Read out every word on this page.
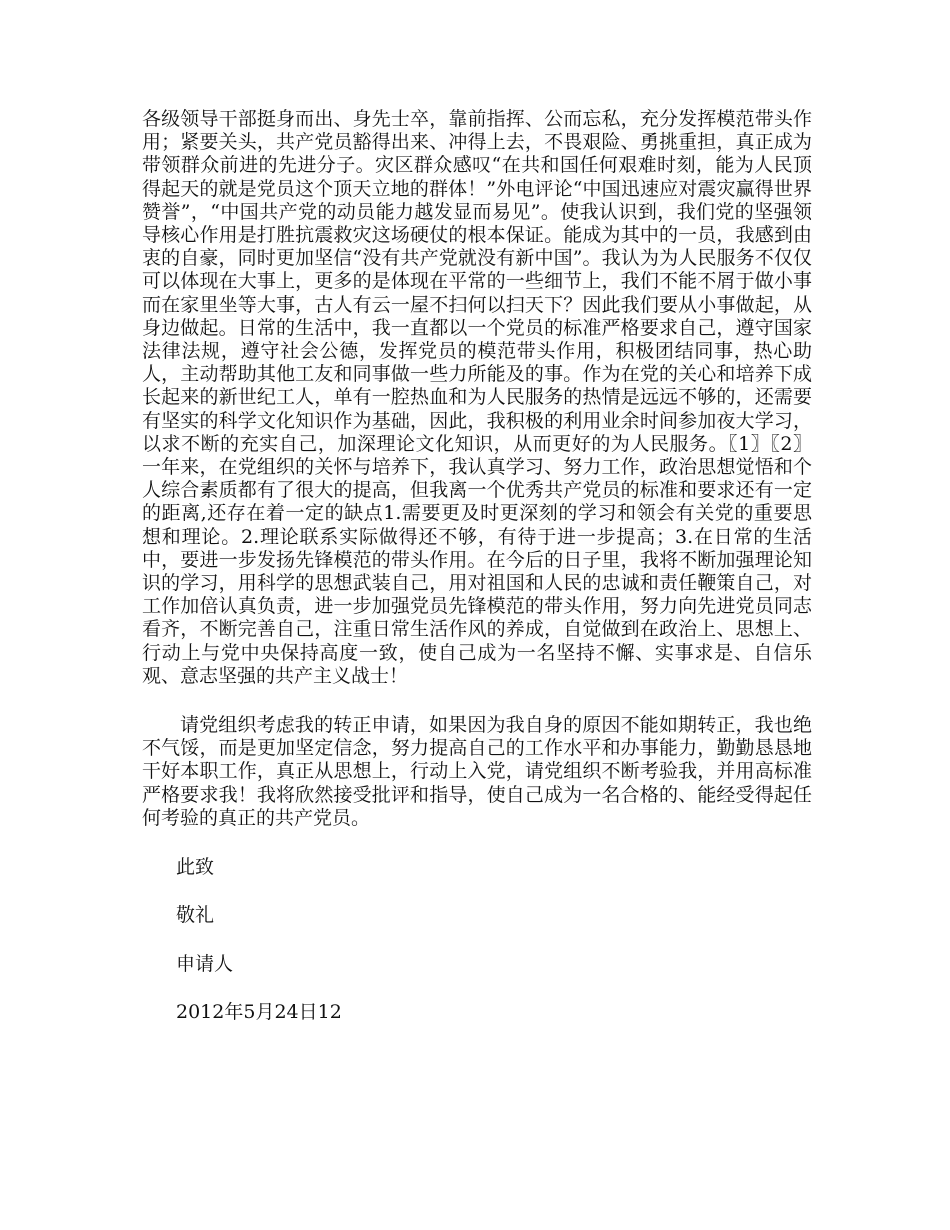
各级领导干部挺身而出、身先士卒，靠前指挥、公而忘私，充分发挥模范带头作用；紧要关头，共产党员豁得出来、冲得上去，不畏艰险、勇挑重担，真正成为带领群众前进的先进分子。灾区群众感叹“在共和国任何艰难时刻，能为人民顶得起天的就是党员这个顶天立地的群体！”外电评论“中国迅速应对震灾赢得世界赞誉”，“中国共产党的动员能力越发显而易见”。使我认识到，我们党的坚强领导核心作用是打胜抗震救灾这场硬仗的根本保证。能成为其中的一员，我感到由衷的自豪，同时更加坚信“没有共产党就没有新中国”。我认为为人民服务不仅仅可以体现在大事上，更多的是体现在平常的一些细节上，我们不能不屑于做小事而在家里坐等大事，古人有云一屋不扫何以扫天下？因此我们要从小事做起，从身边做起。日常的生活中，我一直都以一个党员的标准严格要求自己，遵守国家法律法规，遵守社会公德，发挥党员的模范带头作用，积极团结同事，热心助人，主动帮助其他工友和同事做一些力所能及的事。作为在党的关心和培养下成长起来的新世纪工人，单有一腔热血和为人民服务的热情是远远不够的，还需要有坚实的科学文化知识作为基础，因此，我积极的利用业余时间参加夜大学习，以求不断的充实自己，加深理论文化知识，从而更好的为人民服务。〖1〗〖2〗一年来，在党组织的关怀与培养下，我认真学习、努力工作，政治思想觉悟和个人综合素质都有了很大的提高，但我离一个优秀共产党员的标准和要求还有一定的距离,还存在着一定的缺点1.需要更及时更深刻的学习和领会有关党的重要思想和理论。2.理论联系实际做得还不够，有待于进一步提高；3.在日常的生活中，要进一步发扬先锋模范的带头作用。在今后的日子里，我将不断加强理论知识的学习，用科学的思想武装自己，用对祖国和人民的忠诚和责任鞭策自己，对工作加倍认真负责，进一步加强党员先锋模范的带头作用，努力向先进党员同志看齐，不断完善自己，注重日常生活作风的养成，自觉做到在政治上、思想上、行动上与党中央保持高度一致，使自己成为一名坚持不懈、实事求是、自信乐观、意志坚强的共产主义战士！

请党组织考虑我的转正申请，如果因为我自身的原因不能如期转正，我也绝不气馁，而是更加坚定信念，努力提高自己的工作水平和办事能力，勤勤恳恳地干好本职工作，真正从思想上，行动上入党，请党组织不断考验我，并用高标准严格要求我！我将欣然接受批评和指导，使自己成为一名合格的、能经受得起任何考验的真正的共产党员。

此致

敬礼

申请人

2012年5月24日12
